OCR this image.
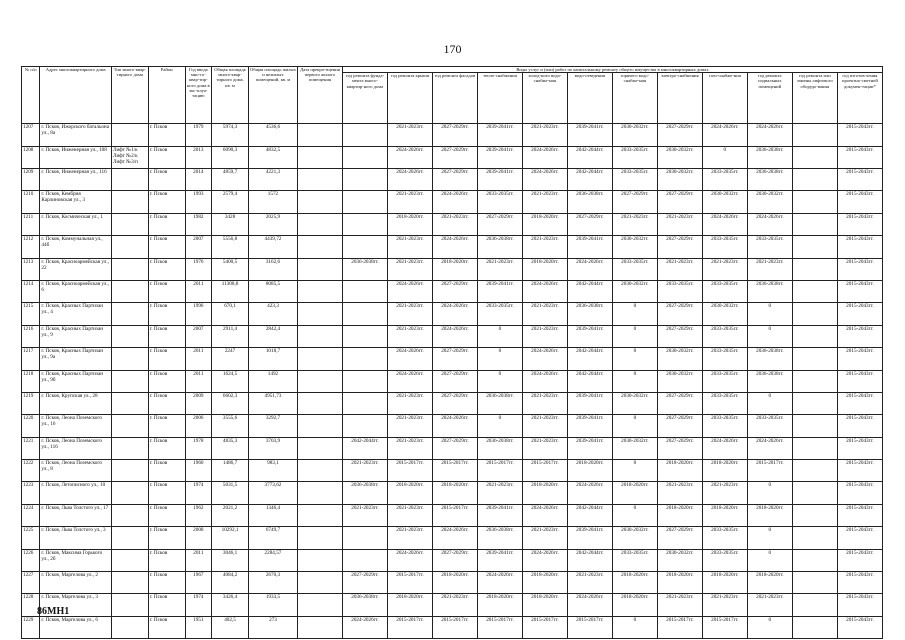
170
№ п/п	Адрес многоквартирного дома	Тип много-квар-тирного дома	Район	Год ввода мно-го-квар-тир-ного дома в экс-плуа-тацию	Общая площадь много-квар-тирного дома, кв. м	Общая площадь жилых и нежилых помещений, кв. м	Дата прекра-тщения первого жилого помещения	Виды услуг и (или) работ по капитальному ремонту общего имущества в многоквартирных домах											
								год ремонта фунда-мента много-квартир-ного дома	год ремонта крыши	год ремонта фасадов	тепло-снабжения	холод-ного водо-снабже-ния	водо-отведения	горячего водо-снабже-ния	электро-снабжения	газо-снабже-ния	год ремонта подвальных помещений	год ремонта или замены лифтового оборудо-вания	год изготов-ления проектно-сметной докумен-тации*
1207	г. Псков, Ижорского батальона ул., 8а		г. Псков	1979	5974,3	4536,6			2021-2023гг.	2027-2029гг.	2039-2041гг.	2021-2023гг.	2039-2041гг.	2030-2032гг.	2027-2029гг.	2024-2026гг.	2024-2026гг.		2015-2043гг.
1208	г. Псков, Инженерная ул., 108	Лифт №1/к Лифт №2/к Лифт №3/п	г. Псков	2013	6090,3	4832,5			2024-2026гг.	2027-2029гг.	2039-2041гг.	2024-2026гг.	2042-2044гг.	2033-2035гг.	2030-2032гг.	0	2036-2038гг.		2015-2043гг.
1209	г. Псков, Инженерная ул., 116		г. Псков	2014	4859,7	4221,3			2024-2026гг.	2027-2029гг.	2039-2041гг.	2024-2026гг.	2042-2044гг.	2033-2035гг.	2030-2032гг.	2033-2035гг.	2036-2038гг.		2015-2043гг.
1210	г. Псков, Кембрия Карлиновская ул., 3		г. Псков	1993	2579,4	1572			2021-2023гг.	2024-2026гг.	2033-2035гг.	2021-2023гг.	2036-2038гг.	2027-2029гг.	2027-2029гг.	2030-2032гг.	2030-2032гг.		2015-2043гг.
1211	г. Псков, Космическая ул., 1		г. Псков	1982	3428	2025,9			2018-2020гг.	2021-2023гг.	2027-2029гг.	2018-2020гг.	2027-2029гг.	2021-2023гг.	2021-2023гг.	2024-2026гг.	2024-2026гг.		2015-2043гг.
1212	г. Псков, Коммунальная ул., 44б		г. Псков	2007	5556,8	4439,72			2021-2023гг.	2024-2026гг.	2036-2038гг.	2021-2023гг.	2039-2041гг.	2030-2032гг.	2027-2029гг.	2033-2035гг.	2033-2035гг.		2015-2043гг.
1213	г. Псков, Красноармейская ул., 22		г. Псков	1976	5400,5	3162,6		2036-2038гг.	2021-2023гг.	2018-2020гг.	2021-2023гг.	2018-2020гг.	2024-2026гг.	2033-2035гг.	2021-2023гг.	2021-2023гг.	2021-2023гг.		2015-2043гг.
1214	г. Псков, Красноармейская ул., 6		г. Псков	2011	11308,8	8085,5			2024-2026гг.	2027-2029гг.	2039-2041гг.	2024-2026гг.	2042-2044гг.	2030-2032гг.	2033-2035гг.	2033-2035гг.	2036-2038гг.		2015-2043гг.
1215	г. Псков, Красных Партизан ул., 4		г. Псков	1996	670,1	423,3			2021-2023гг.	2024-2026гг.	2033-2035гг.	2021-2023гг.	2036-2038гг.	0	2027-2029гг.	2030-2032гг.	0		2015-2043гг.
1216	г. Псков, Красных Партизан ул., 9		г. Псков	2007	2911,4	2842,4			2021-2023гг.	2024-2026гг.	0	2021-2023гг.	2039-2041гг.	0	2027-2029гг.	2033-2035гг.	0		2015-2043гг.
1217	г. Псков, Красных Партизан ул., 9а		г. Псков	2011	2247	1018,7			2024-2026гг.	2027-2029гг.	0	2024-2026гг.	2042-2044гг.	0	2030-2032гг.	2033-2035гг.	2036-2038гг.		2015-2043гг.
1218	г. Псков, Красных Партизан ул., 9б		г. Псков	2011	1624,5	1492			2024-2026гг.	2027-2029гг.	0	2024-2026гг.	2042-2044гг.	0	2030-2032гг.	2033-2035гг.	2036-2038гг.		2015-2043гг.
1219	г. Псков, Крупская ул., 28		г. Псков	2009	6602,3	4951,73			2021-2023гг.	2027-2029гг.	2036-2038гг.	2021-2023гг.	2039-2041гг.	2030-2032гг.	2027-2029гг.	2033-2035гг.	0		2015-2043гг.
1220	г. Псков, Леона Поземского ул., 16		г. Псков	2006	3555,6	3292,7			2021-2023гг.	2024-2026гг.	0	2021-2023гг.	2039-2041гг.	0	2027-2029гг.	2033-2035гг.	2033-2035гг.		2015-2043гг.
1221	г. Псков, Леона Поземского ул., 116		г. Псков	1978	4835,3	3703,9		2042-2044гг.	2021-2023гг.	2027-2029гг.	2036-2038гг.	2021-2023гг.	2039-2041гг.	2030-2032гг.	2027-2029гг.	2024-2026гг.	2024-2026гг.		2015-2043гг.
1222	г. Псков, Леона Поземского ул., 8		г. Псков	1960	1486,7	983,1		2021-2023гг.	2015-2017гг.	2015-2017гг.	2015-2017гг.	2015-2017гг.	2018-2020гг.	0	2018-2020гг.	2018-2020гг.	2015-2017гг.		2015-2043гг.
1223	г. Псков, Летописного ул., 10		г. Псков	1974	5031,5	3773,62		2036-2038гг.	2018-2020гг.	2018-2020гг.	2021-2023гг.	2018-2020гг.	2024-2026гг.	2018-2020гг.	2021-2023гг.	2021-2023гг.	0		2015-2043гг.
1224	г. Псков, Льва Толстого ул., 17		г. Псков	1962	2021,2	1346,4		2021-2023гг.	2021-2023гг.	2015-2017гг.	2039-2041гг.	2024-2026гг.	2042-2044гг.	0	2018-2020гг.	2018-2020гг.	2018-2020гг.		2015-2043гг.
1225	г. Псков, Льва Толстого ул., 3		г. Псков	2008	10292,1	6749,7			2021-2023гг.	2024-2026гг.	2036-2038гг.	2021-2023гг.	2039-2041гг.	2030-2032гг.	2027-2029гг.	2033-2035гг.	0		2015-2043гг.
1226	г. Псков, Максима Горького ул., 2б		г. Псков	2011	3046,1	2284,57			2024-2026гг.	2027-2029гг.	2039-2041гг.	2024-2026гг.	2042-2044гг.	2033-2035гг.	2030-2032гг.	2033-2035гг.	0		2015-2043гг.
1227	г. Псков, Маргелова ул., 2		г. Псков	1967	4084,2	2670,3		2027-2029гг.	2015-2017гг.	2018-2020гг.	2024-2026гг.	2018-2020гг.	2021-2023гг.	2018-2020гг.	2018-2020гг.	2018-2020гг.	2018-2020гг.		2015-2043гг.
1228	г. Псков, Маргелова ул., 3		г. Псков	1974	3426,4	1933,5		2036-2038гг.	2018-2020гг.	2021-2023гг.	2018-2020гг.	2018-2020гг.	2024-2026гг.	2018-2020гг.	2021-2023гг.	2021-2023гг.	2021-2023гг.		2015-2043гг.
1229	г. Псков, Маргелова ул., 6		г. Псков	1951	402,5	273		2024-2026гг.	2015-2017гг.	2015-2017гг.	2015-2017гг.	2015-2017гг.	2015-2017гг.	0	2015-2017гг.	2015-2017гг.	0		2015-2043гг.
86МН1
